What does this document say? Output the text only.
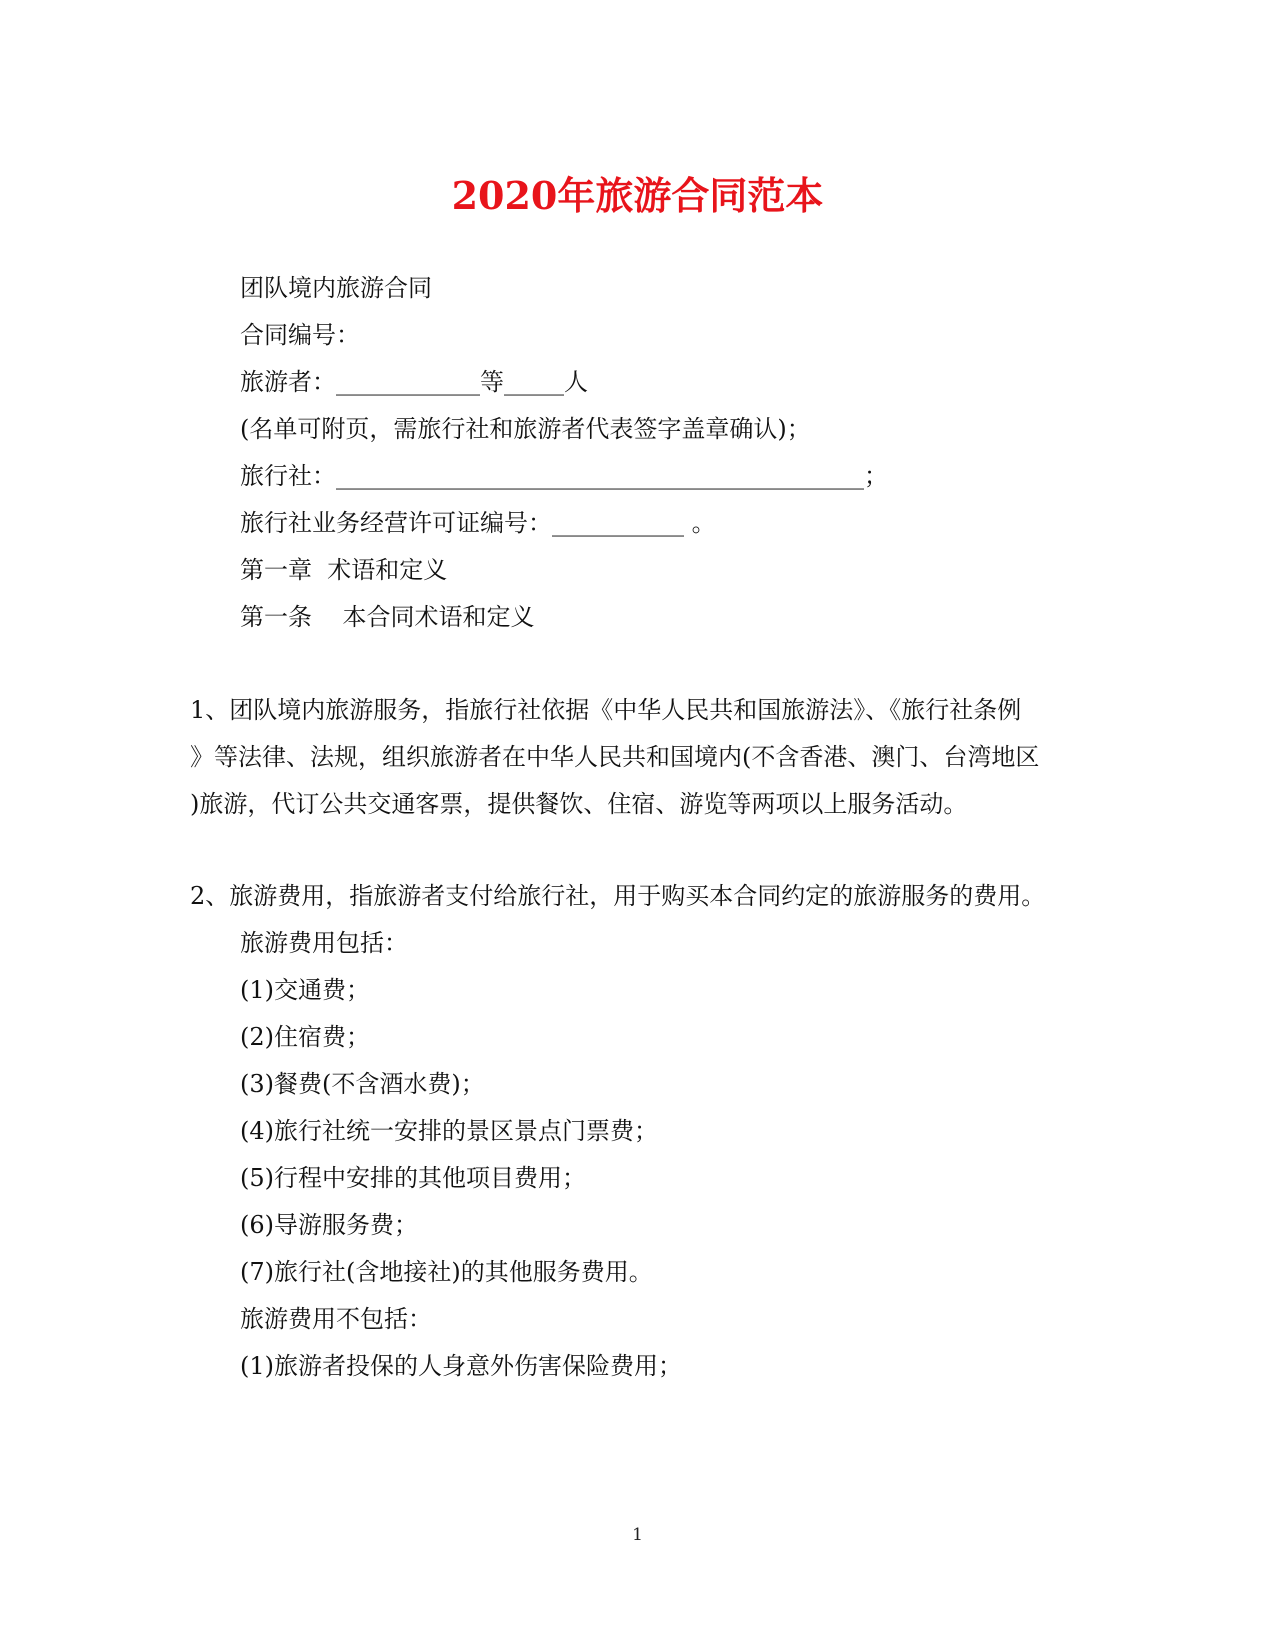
2020年旅游合同范本
团队境内旅游合同
合同编号：
旅游者：____________等_____人
(名单可附页，需旅行社和旅游者代表签字盖章确认)；
旅行社：____________________________________________；
旅行社业务经营许可证编号：___________ 。
第一章  术语和定义
第一条    本合同术语和定义
1、团队境内旅游服务，指旅行社依据《中华人民共和国旅游法》、《旅行社条例
》等法律、法规，组织旅游者在中华人民共和国境内(不含香港、澳门、台湾地区
)旅游，代订公共交通客票，提供餐饮、住宿、游览等两项以上服务活动。
2、旅游费用，指旅游者支付给旅行社，用于购买本合同约定的旅游服务的费用。
旅游费用包括：
(1)交通费；
(2)住宿费；
(3)餐费(不含酒水费)；
(4)旅行社统一安排的景区景点门票费；
(5)行程中安排的其他项目费用；
(6)导游服务费；
(7)旅行社(含地接社)的其他服务费用。
旅游费用不包括：
(1)旅游者投保的人身意外伤害保险费用；
1
